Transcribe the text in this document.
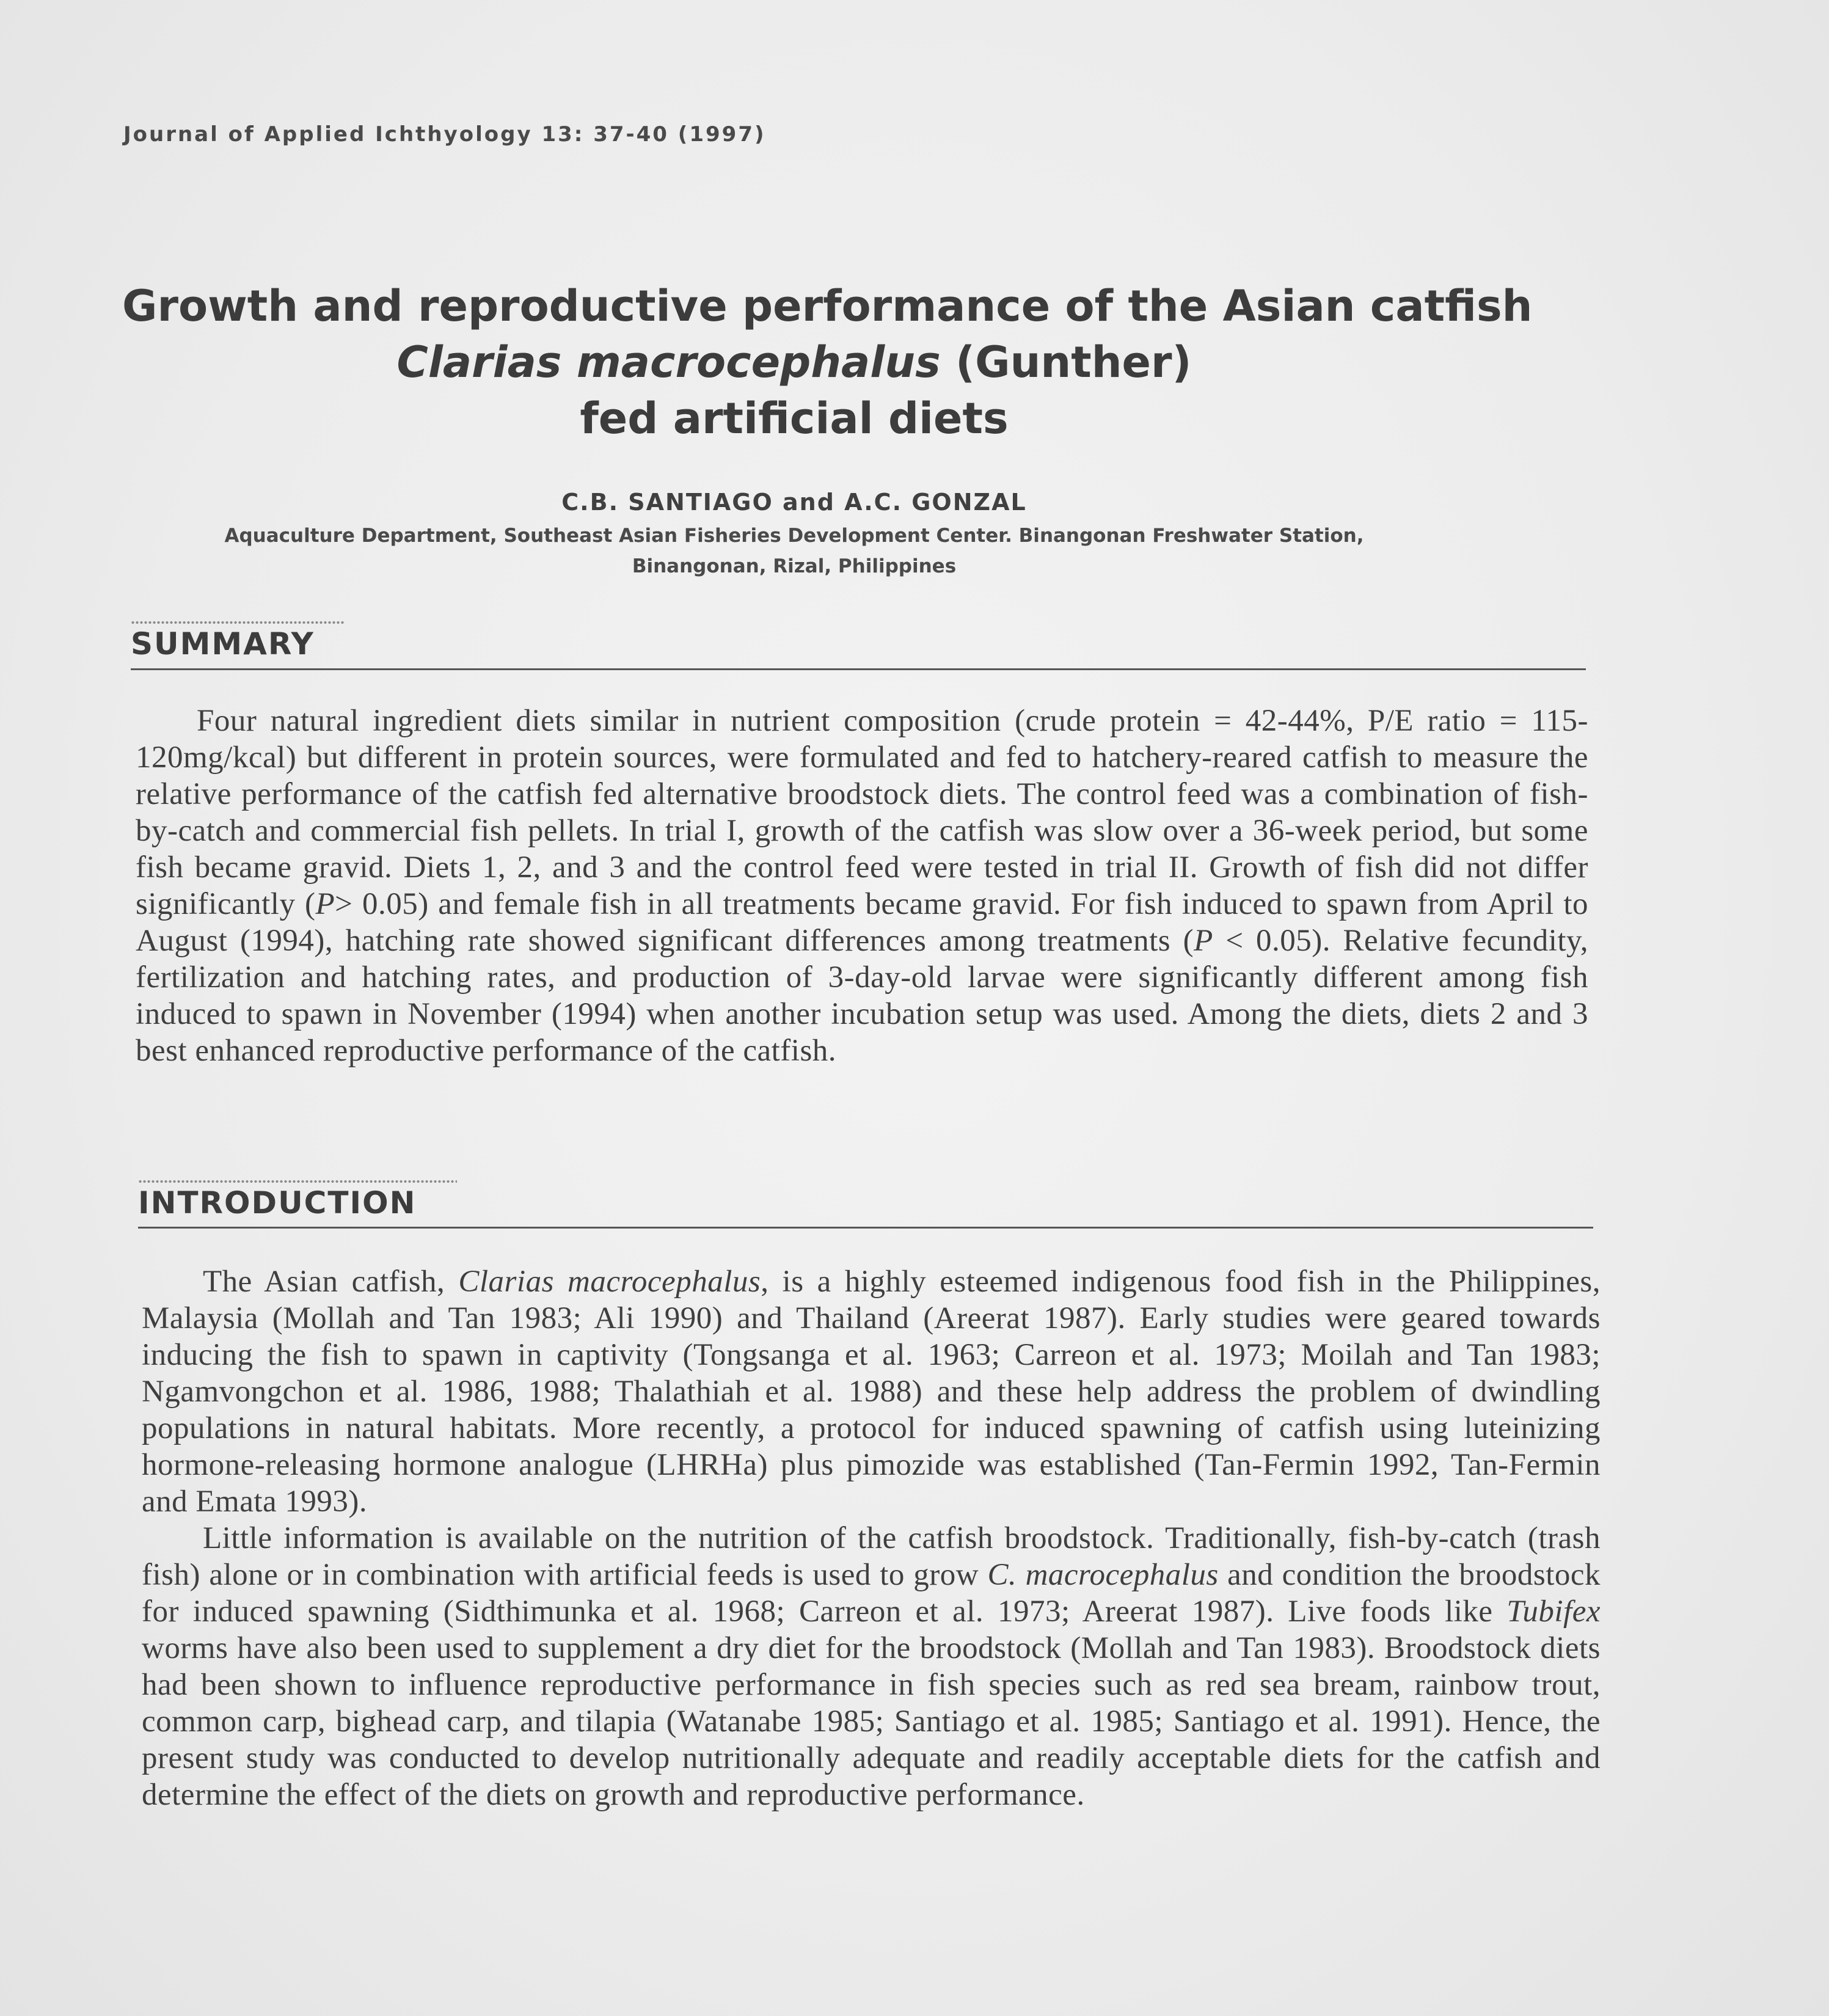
Journal of Applied Ichthyology 13: 37-40 (1997)
Growth and reproductive performance of the Asian catfish
Clarias macrocephalus (Gunther)
fed artificial diets
C.B. SANTIAGO and A.C. GONZAL
Aquaculture Department, Southeast Asian Fisheries Development Center. Binangonan Freshwater Station,
Binangonan, Rizal, Philippines
SUMMARY

Four natural ingredient diets similar in nutrient composition (crude protein = 42-44%, P/E ratio = 115-120mg/kcal) but different in protein sources, were formulated and fed to hatchery-reared catfish to measure the relative performance of the catfish fed alternative broodstock diets. The control feed was a combination of fish-by-catch and commercial fish pellets. In trial I, growth of the catfish was slow over a 36-week period, but some fish became gravid. Diets 1, 2, and 3 and the control feed were tested in trial II. Growth of fish did not differ significantly (P> 0.05) and female fish in all treatments became gravid. For fish induced to spawn from April to August (1994), hatching rate showed significant differences among treatments (P < 0.05). Relative fecundity, fertilization and hatching rates, and production of 3-day-old larvae were significantly different among fish induced to spawn in November (1994) when another incubation setup was used. Among the diets, diets 2 and 3 best enhanced reproductive performance of the catfish.

INTRODUCTION

The Asian catfish, Clarias macrocephalus, is a highly esteemed indigenous food fish in the Philippines, Malaysia (Mollah and Tan 1983; Ali 1990) and Thailand (Areerat 1987). Early studies were geared towards inducing the fish to spawn in captivity (Tongsanga et al. 1963; Carreon et al. 1973; Moilah and Tan 1983; Ngamvongchon et al. 1986, 1988; Thalathiah et al. 1988) and these help address the problem of dwindling populations in natural habitats. More recently, a protocol for induced spawning of catfish using luteinizing hormone-releasing hormone analogue (LHRHa) plus pimozide was established (Tan-Fermin 1992, Tan-Fermin and Emata 1993).

Little information is available on the nutrition of the catfish broodstock. Traditionally, fish-by-catch (trash fish) alone or in combination with artificial feeds is used to grow C. macrocephalus and condition the broodstock for induced spawning (Sidthimunka et al. 1968; Carreon et al. 1973; Areerat 1987). Live foods like Tubifex worms have also been used to supplement a dry diet for the broodstock (Mollah and Tan 1983). Broodstock diets had been shown to influence reproductive performance in fish species such as red sea bream, rainbow trout, common carp, bighead carp, and tilapia (Watanabe 1985; Santiago et al. 1985; Santiago et al. 1991). Hence, the present study was conducted to develop nutritionally adequate and readily acceptable diets for the catfish and determine the effect of the diets on growth and reproductive performance.
